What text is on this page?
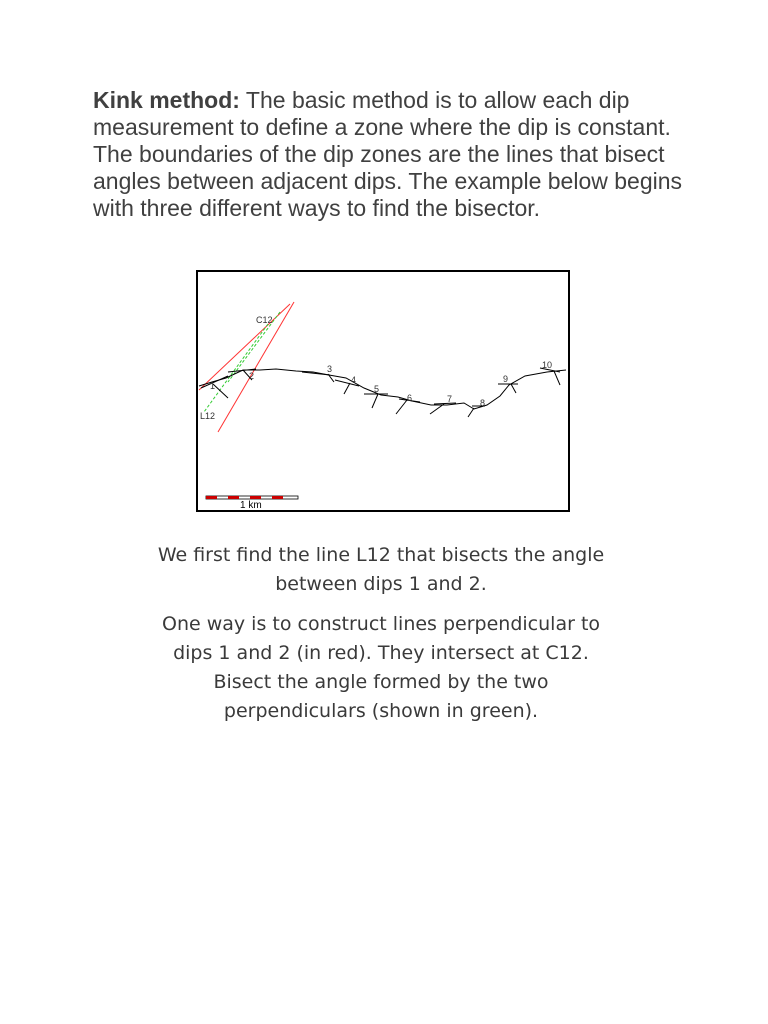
Kink method: The basic method is to allow each dip measurement to define a zone where the dip is constant. The boundaries of the dip zones are the lines that bisect angles between adjacent dips. The example below begins with three different ways to find the bisector.
1
2
3
4
5
6	7	8
9
10
C12
L12
1 km
We first find the line L12 that bisects the angle between dips 1 and 2.
One way is to construct lines perpendicular to dips 1 and 2 (in red). They intersect at C12. Bisect the angle formed by the two perpendiculars (shown in green).
